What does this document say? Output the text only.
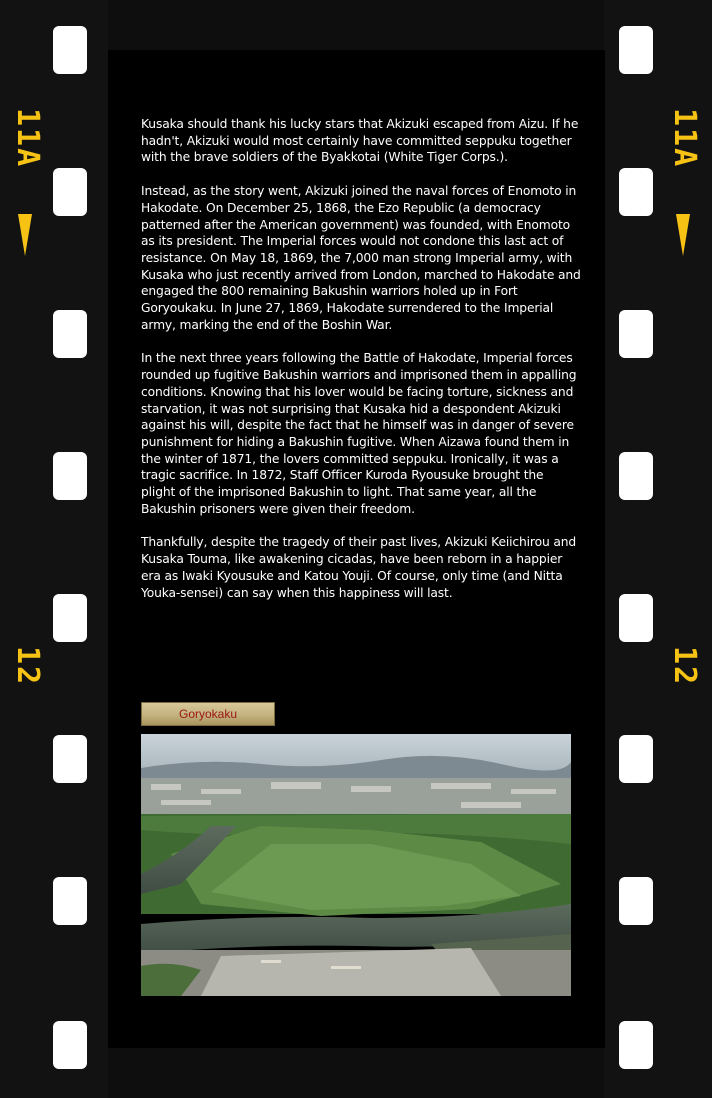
11A	11A
12	12

Kusaka should thank his lucky stars that Akizuki escaped from Aizu. If he hadn't, Akizuki would most certainly have committed seppuku together with the brave soldiers of the Byakkotai (White Tiger Corps.).

Instead, as the story went, Akizuki joined the naval forces of Enomoto in Hakodate. On December 25, 1868, the Ezo Republic (a democracy patterned after the American government) was founded, with Enomoto as its president. The Imperial forces would not condone this last act of resistance. On May 18, 1869, the 7,000 man strong Imperial army, with Kusaka who just recently arrived from London, marched to Hakodate and engaged the 800 remaining Bakushin warriors holed up in Fort Goryoukaku. In June 27, 1869, Hakodate surrendered to the Imperial army, marking the end of the Boshin War.

In the next three years following the Battle of Hakodate, Imperial forces rounded up fugitive Bakushin warriors and imprisoned them in appalling conditions. Knowing that his lover would be facing torture, sickness and starvation, it was not surprising that Kusaka hid a despondent Akizuki against his will, despite the fact that he himself was in danger of severe punishment for hiding a Bakushin fugitive. When Aizawa found them in the winter of 1871, the lovers committed seppuku. Ironically, it was a tragic sacrifice. In 1872, Staff Officer Kuroda Ryousuke brought the plight of the imprisoned Bakushin to light. That same year, all the Bakushin prisoners were given their freedom.

Thankfully, despite the tragedy of their past lives, Akizuki Keiichirou and Kusaka Touma, like awakening cicadas, have been reborn in a happier era as Iwaki Kyousuke and Katou Youji. Of course, only time (and Nitta Youka-sensei) can say when this happiness will last.

Goryokaku
